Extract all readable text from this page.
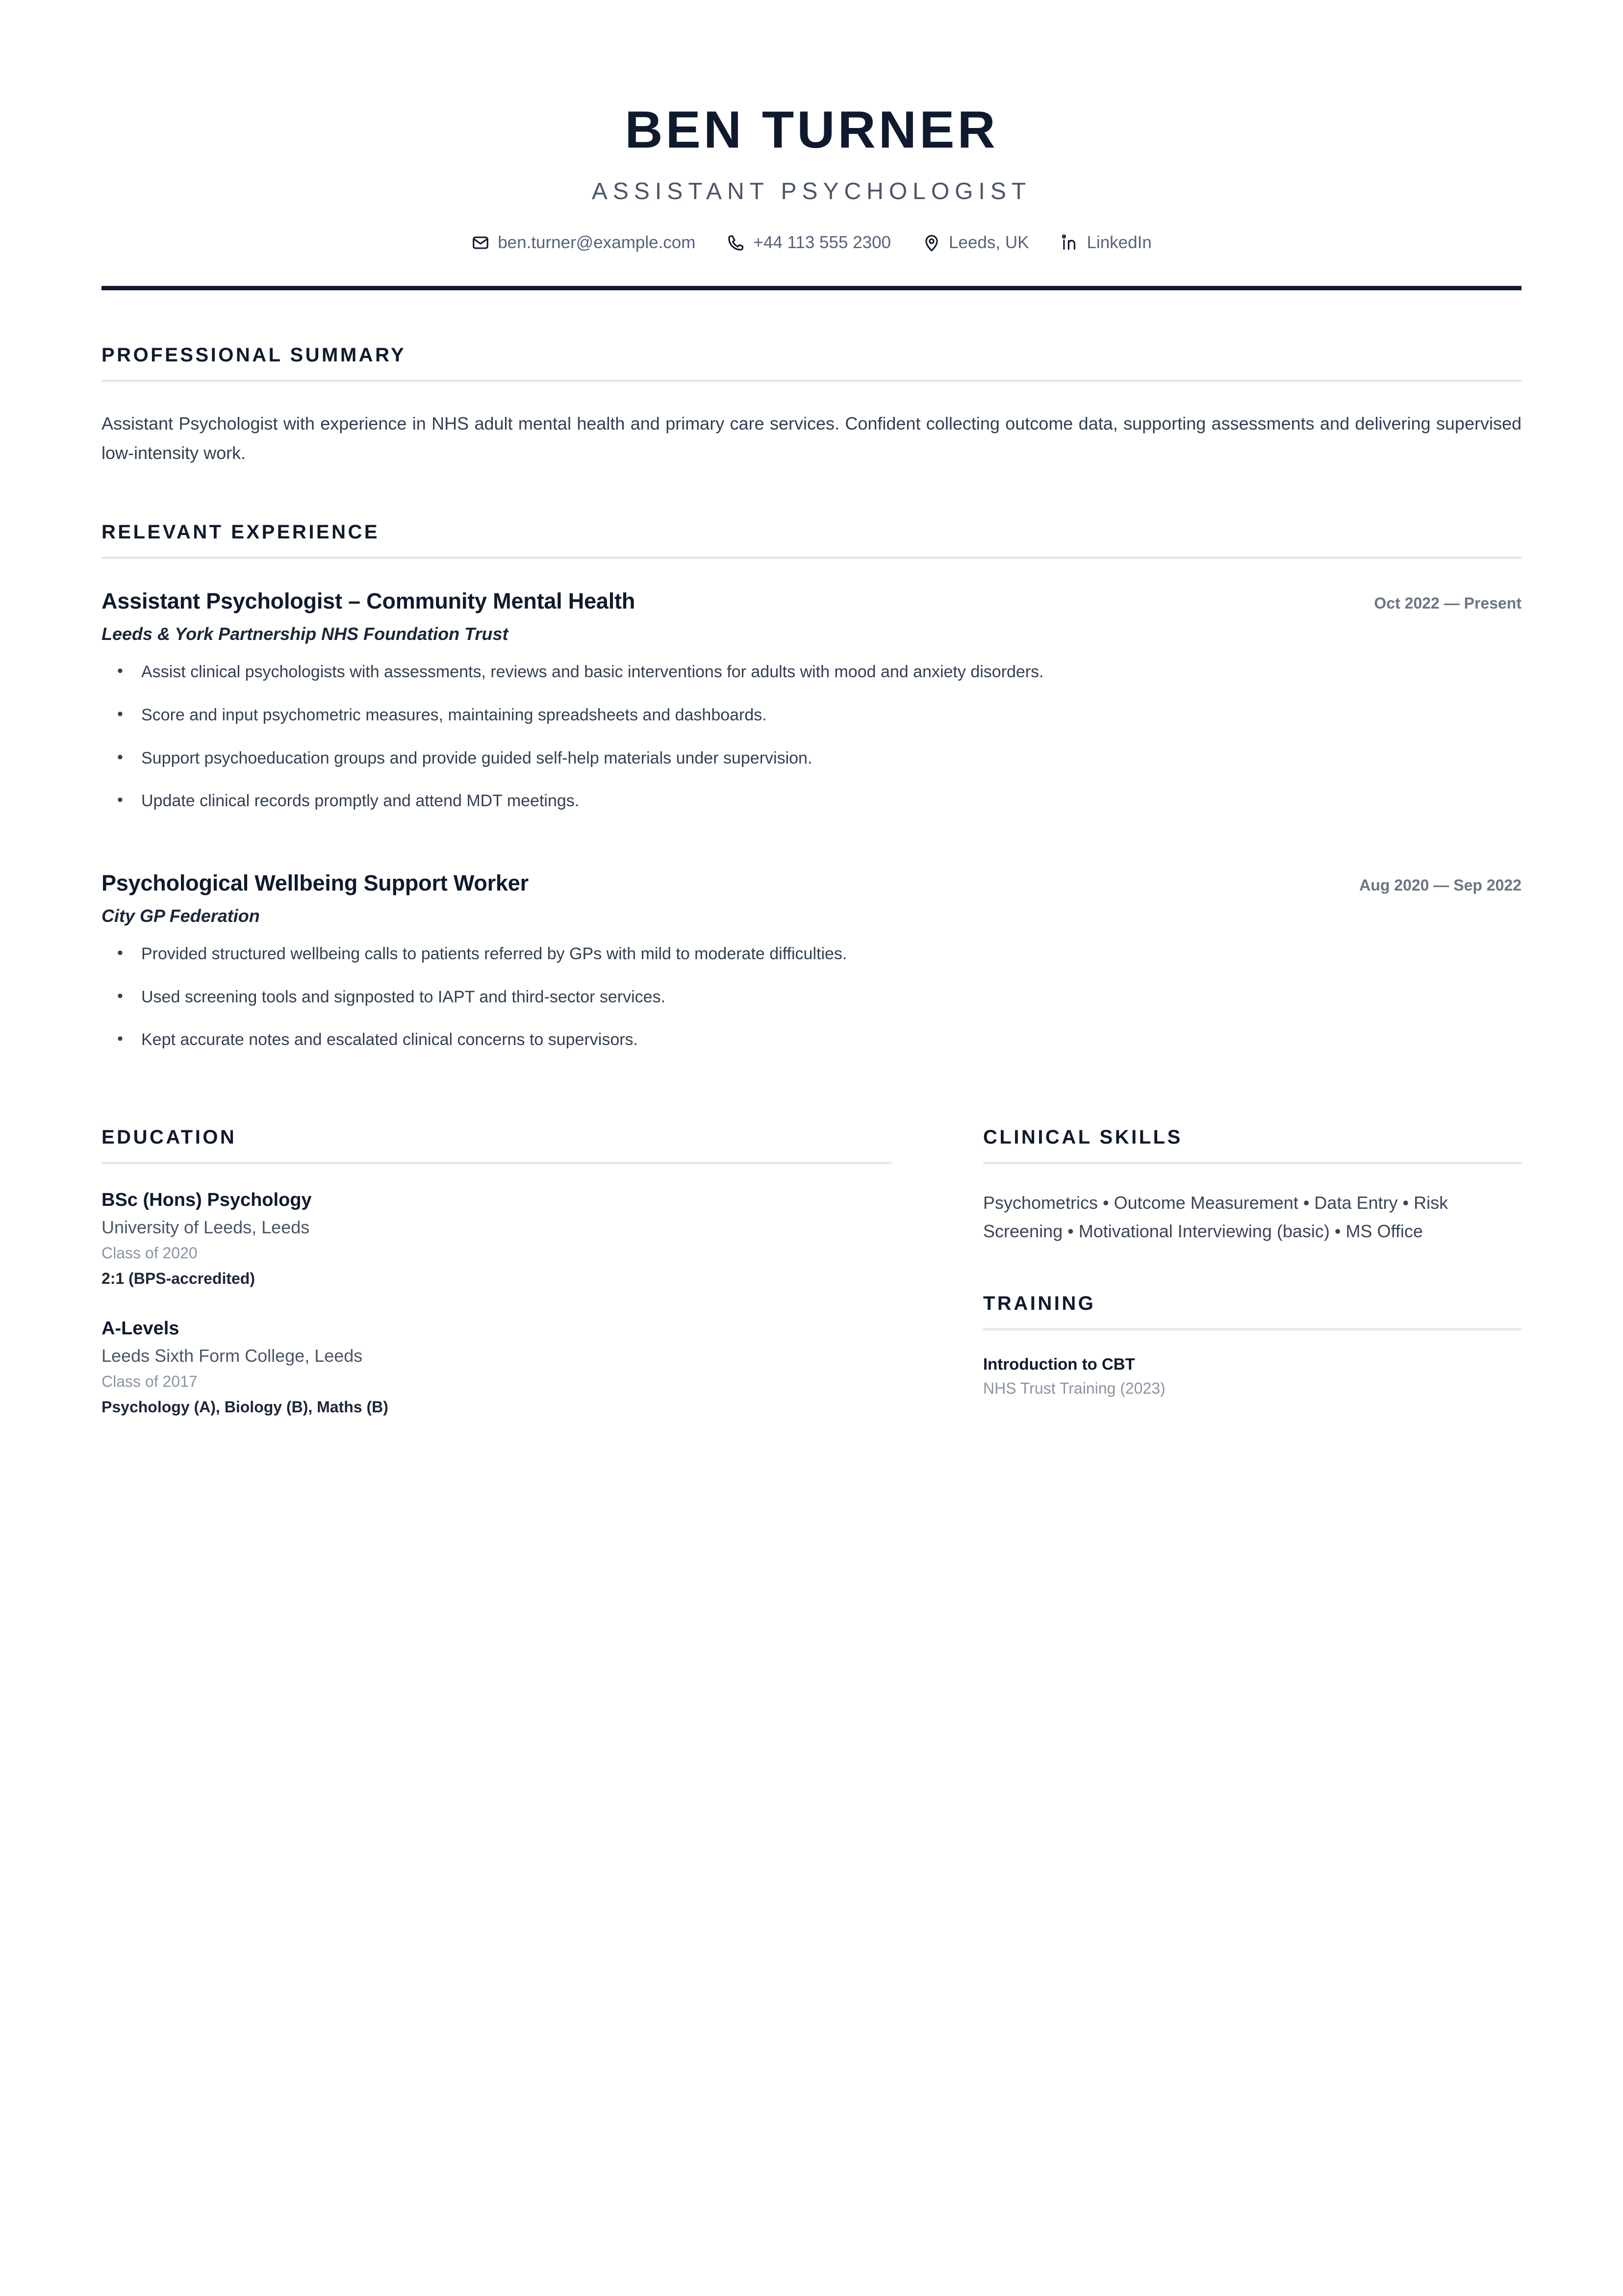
BEN TURNER
ASSISTANT PSYCHOLOGIST
ben.turner@example.com	+44 113 555 2300	Leeds, UK	LinkedIn
PROFESSIONAL SUMMARY

Assistant Psychologist with experience in NHS adult mental health and primary care services. Confident collecting outcome data, supporting assessments and delivering supervised low-intensity work.

RELEVANT EXPERIENCE
Assistant Psychologist – Community Mental Health	Oct 2022 — Present
Leeds & York Partnership NHS Foundation Trust
• Assist clinical psychologists with assessments, reviews and basic interventions for adults with mood and anxiety disorders.
• Score and input psychometric measures, maintaining spreadsheets and dashboards.
• Support psychoeducation groups and provide guided self-help materials under supervision.
• Update clinical records promptly and attend MDT meetings.
Psychological Wellbeing Support Worker	Aug 2020 — Sep 2022
City GP Federation
• Provided structured wellbeing calls to patients referred by GPs with mild to moderate difficulties.
• Used screening tools and signposted to IAPT and third-sector services.
• Kept accurate notes and escalated clinical concerns to supervisors.
EDUCATION
BSc (Hons) Psychology
University of Leeds, Leeds
Class of 2020
2:1 (BPS-accredited)
A-Levels
Leeds Sixth Form College, Leeds
Class of 2017
Psychology (A), Biology (B), Maths (B)
CLINICAL SKILLS

Psychometrics • Outcome Measurement • Data Entry • Risk Screening • Motivational Interviewing (basic) • MS Office

TRAINING
Introduction to CBT
NHS Trust Training (2023)
